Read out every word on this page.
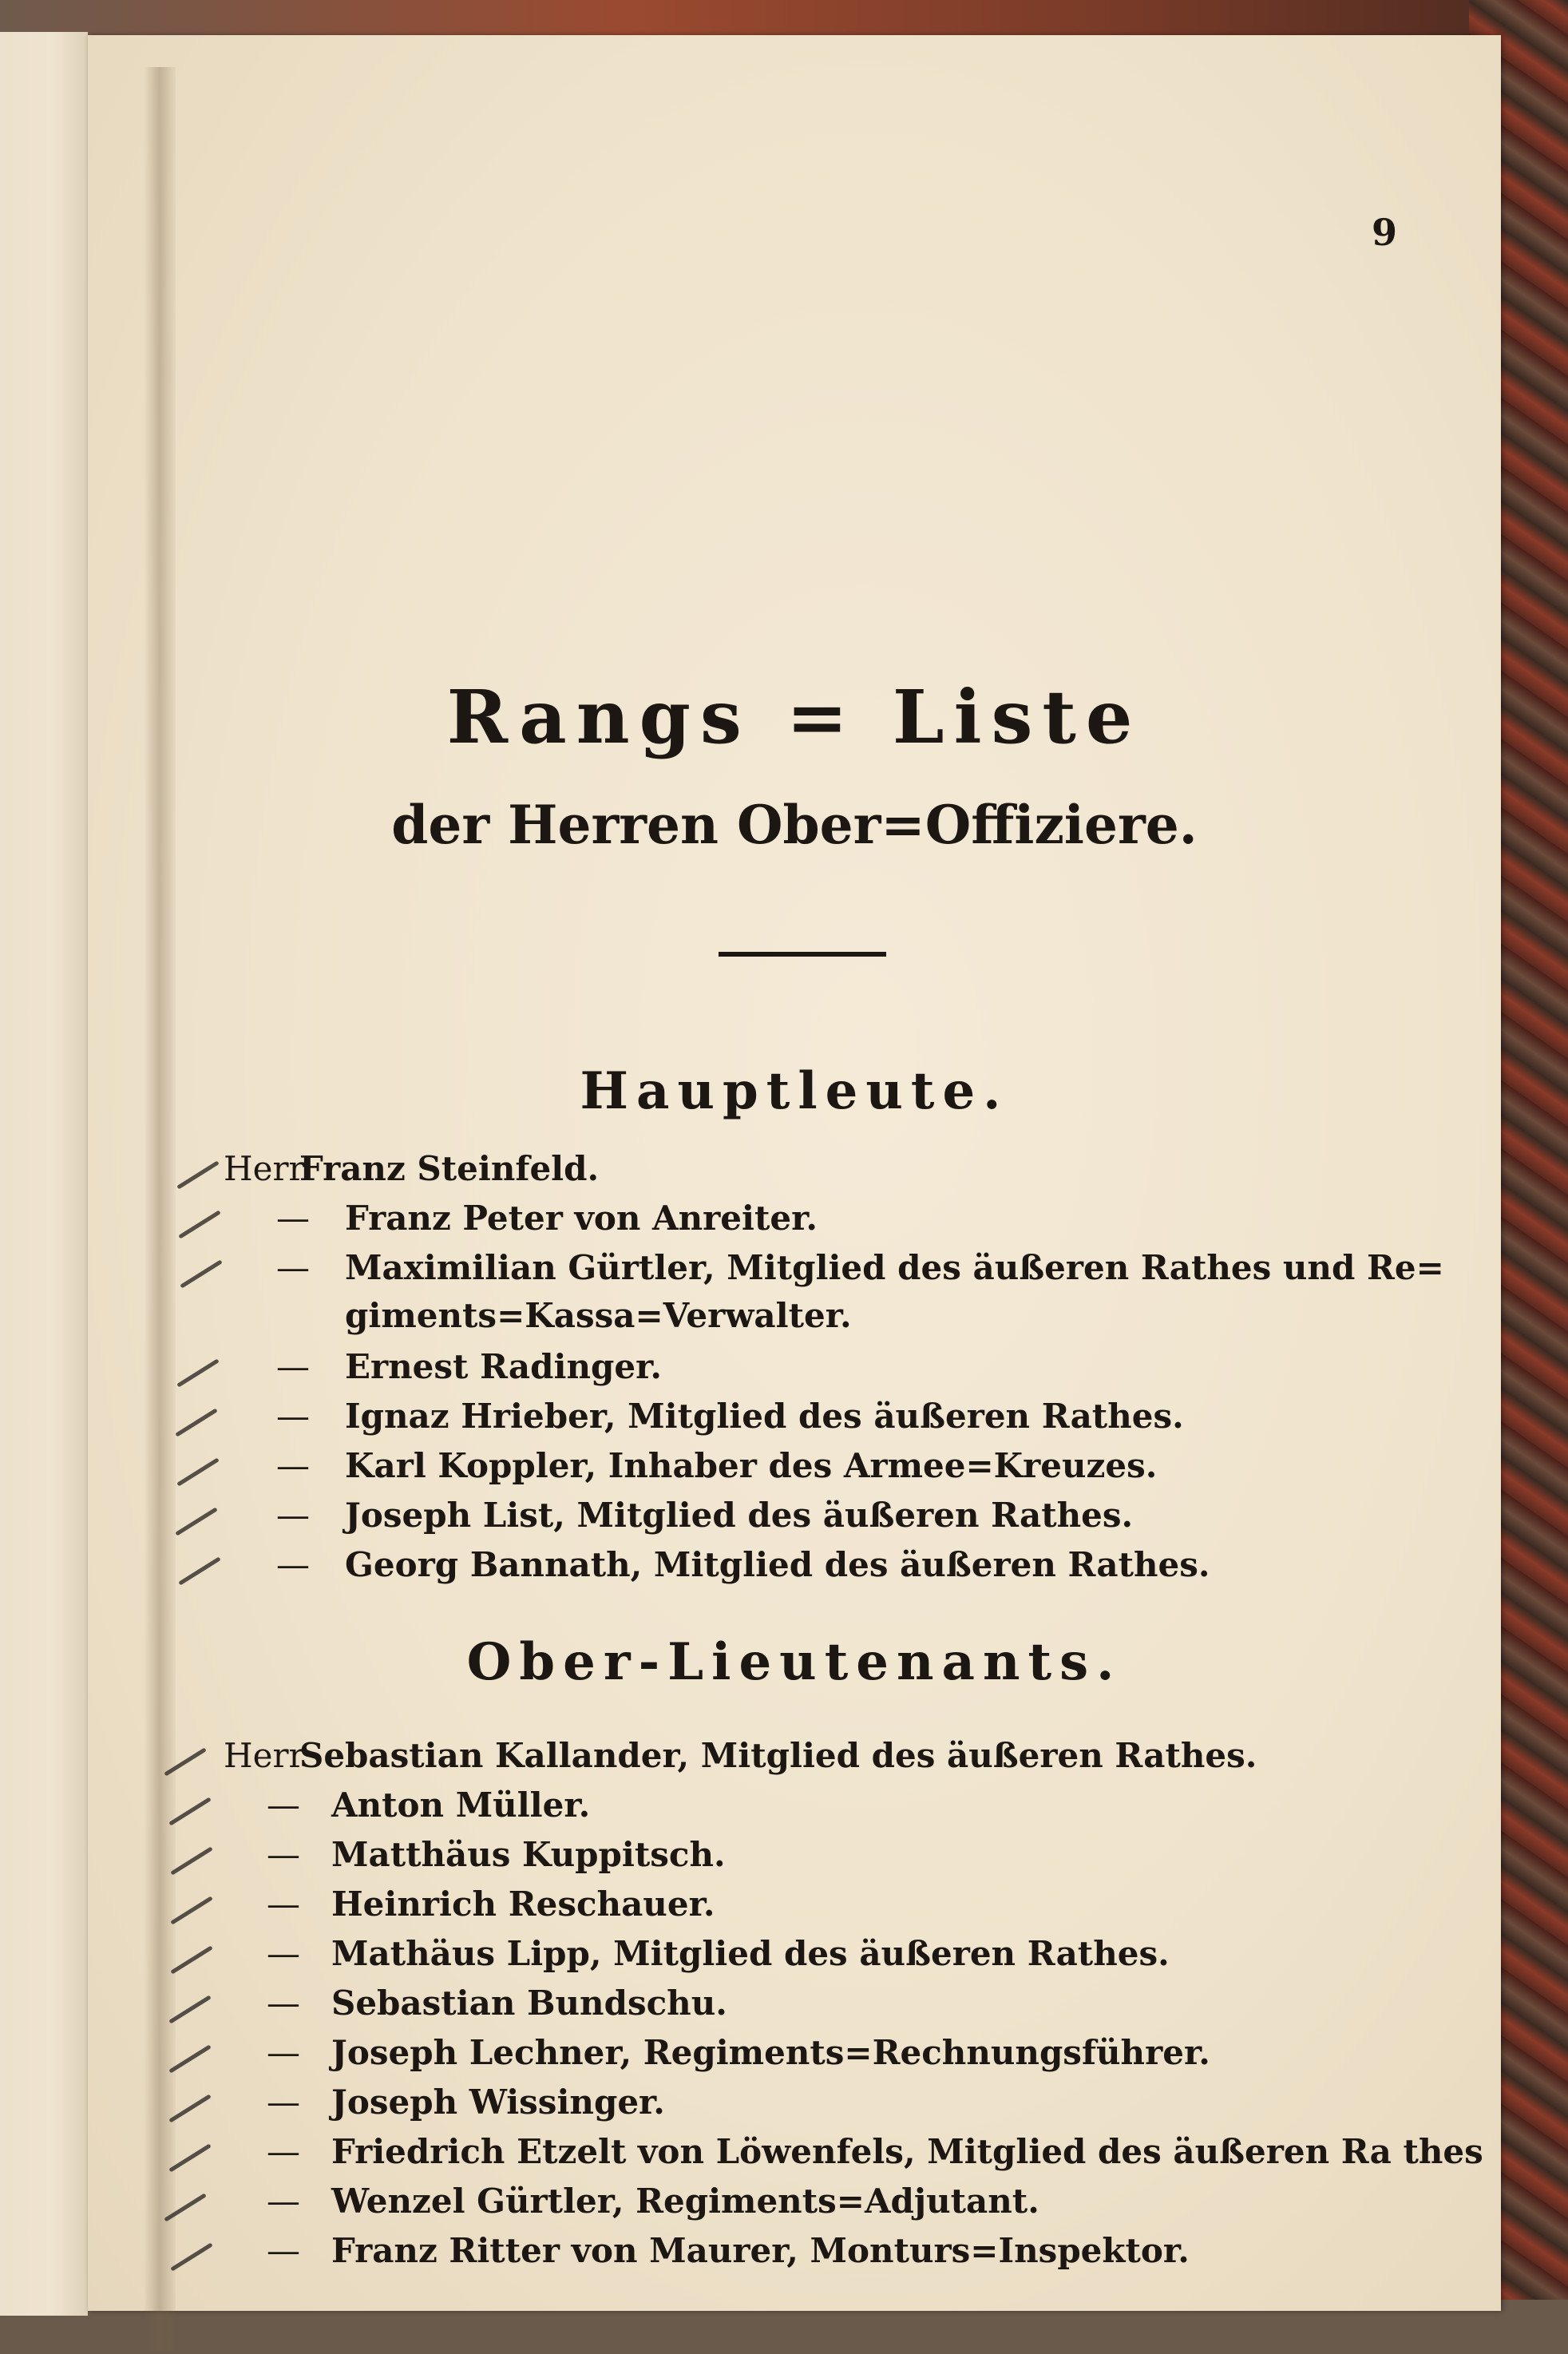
9
Rangs = Liste
der Herren Ober=Offiziere.
Hauptleute.
Herr
Franz Steinfeld.
—	Franz Peter von Anreiter.
—	Maximilian Gürtler, Mitglied des äußeren Rathes und Re=
giments=Kassa=Verwalter.
—	Ernest Radinger.
—	Ignaz Hrieber, Mitglied des äußeren Rathes.
—	Karl Koppler, Inhaber des Armee=Kreuzes.
—	Joseph List, Mitglied des äußeren Rathes.
—	Georg Bannath, Mitglied des äußeren Rathes.
Ober-Lieutenants.
Herr
Sebastian Kallander, Mitglied des äußeren Rathes.
— Anton Müller.
— Matthäus Kuppitsch.
— Heinrich Reschauer.
— Mathäus Lipp, Mitglied des äußeren Rathes.
— Sebastian Bundschu.
— Joseph Lechner, Regiments=Rechnungsführer.
— Joseph Wissinger.
— Friedrich Etzelt von Löwenfels, Mitglied des äußeren Ra thes
— Wenzel Gürtler, Regiments=Adjutant.
— Franz Ritter von Maurer, Monturs=Inspektor.
